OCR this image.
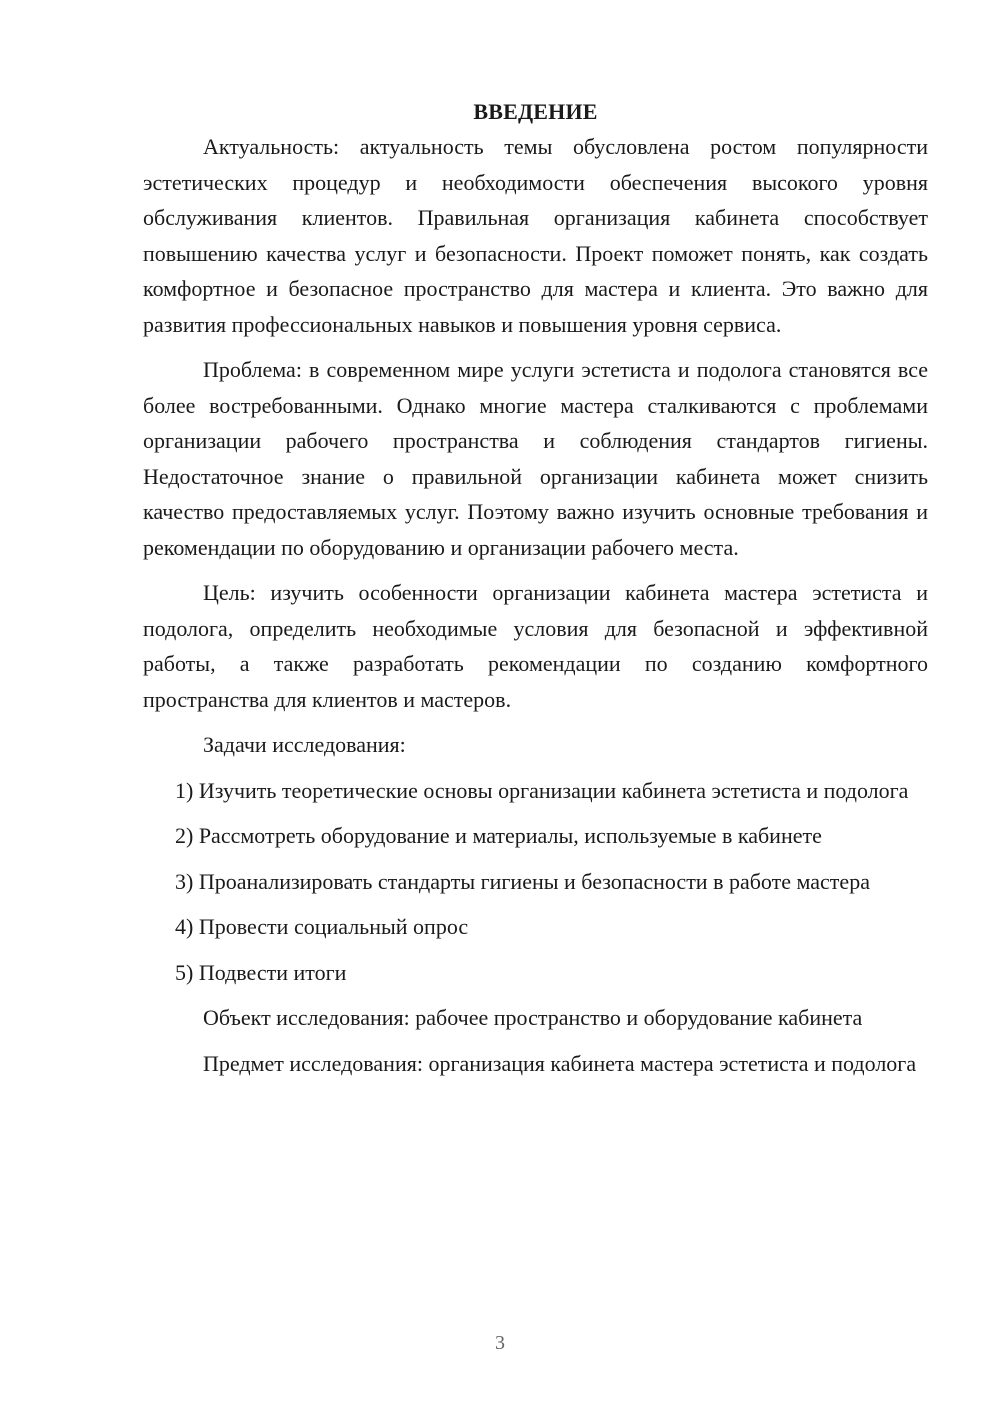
ВВЕДЕНИЕ

Актуальность: актуальность темы обусловлена ростом популярности эстетических процедур и необходимости обеспечения высокого уровня обслуживания клиентов. Правильная организация кабинета способствует повышению качества услуг и безопасности. Проект поможет понять, как создать комфортное и безопасное пространство для мастера и клиента. Это важно для развития профессиональных навыков и повышения уровня сервиса.

Проблема: в современном мире услуги эстетиста и подолога становятся все более востребованными. Однако многие мастера сталкиваются с проблемами организации рабочего пространства и соблюдения стандартов гигиены. Недостаточное знание о правильной организации кабинета может снизить качество предоставляемых услуг. Поэтому важно изучить основные требования и рекомендации по оборудованию и организации рабочего места.

Цель: изучить особенности организации кабинета мастера эстетиста и подолога, определить необходимые условия для безопасной и эффективной работы, а также разработать рекомендации по созданию комфортного пространства для клиентов и мастеров.

Задачи исследования:

1) Изучить теоретические основы организации кабинета эстетиста и подолога

2) Рассмотреть оборудование и материалы, используемые в кабинете

3) Проанализировать стандарты гигиены и безопасности в работе мастера

4) Провести социальный опрос

5) Подвести итоги

Объект исследования: рабочее пространство и оборудование кабинета

Предмет исследования: организация кабинета мастера эстетиста и подолога

3
